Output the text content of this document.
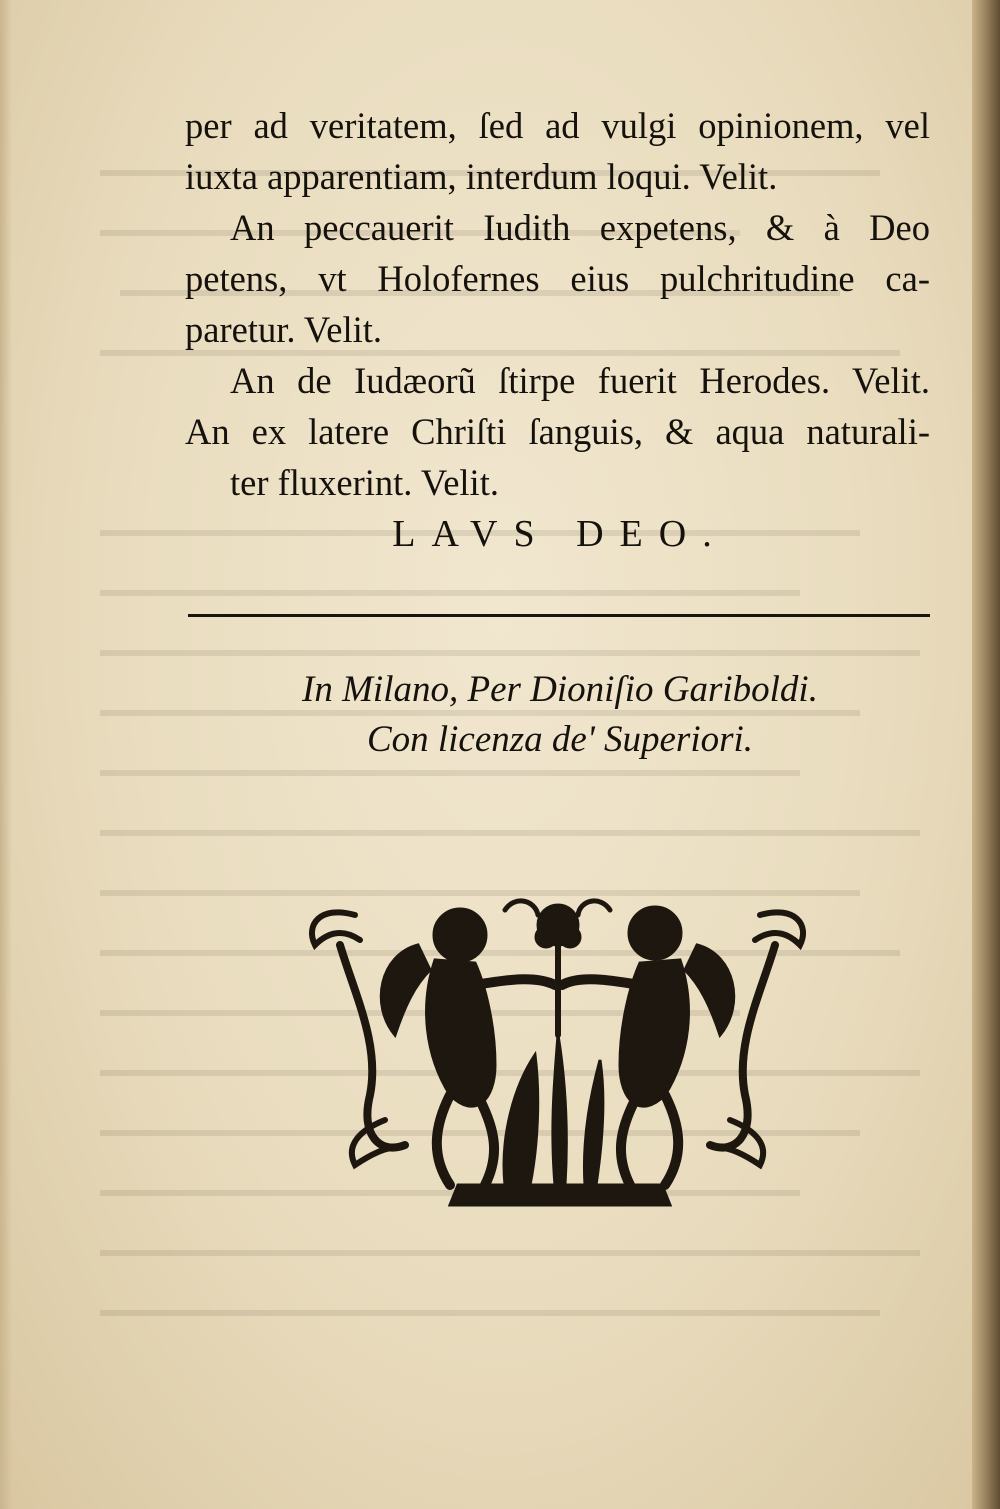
per ad veritatem, ſed ad vulgi opinionem, vel
iuxta apparentiam, interdum loqui. Velit.
An peccauerit Iudith expetens, & à Deo
petens, vt Holofernes eius pulchritudine ca-
paretur. Velit.
An de Iudæorũ ſtirpe fuerit Herodes. Velit.
An ex latere Chriſti ſanguis, & aqua naturali-
ter fluxerint. Velit.
LAVS DEO.
In Milano, Per Dioniſio Gariboldi.
Con licenza de' Superiori.
